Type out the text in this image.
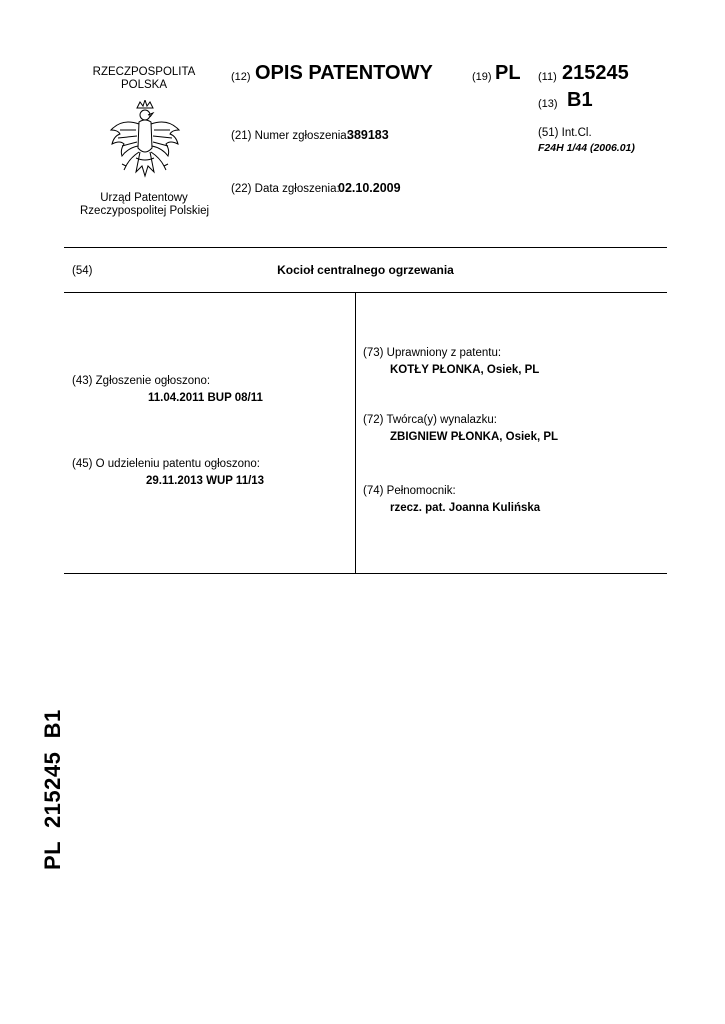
RZECZPOSPOLITA
POLSKA
Urząd Patentowy
Rzeczypospolitej Polskiej
(12) OPIS PATENTOWY	(19) PL
(21) Numer zgłoszenia:
389183
(22) Data zgłoszenia:
02.10.2009
(11) 215245
(13) B1
(51) Int.Cl.
F24H 1/44 (2006.01)
(54)	Kocioł centralnego ogrzewania
(43) Zgłoszenie ogłoszono:
11.04.2011 BUP 08/11
(45) O udzieleniu patentu ogłoszono:
29.11.2013 WUP 11/13
(73) Uprawniony z patentu:
KOTŁY PŁONKA, Osiek, PL
(72) Twórca(y) wynalazku:
ZBIGNIEW PŁONKA, Osiek, PL
(74) Pełnomocnik:
rzecz. pat. Joanna Kulińska
PL  215245  B1
